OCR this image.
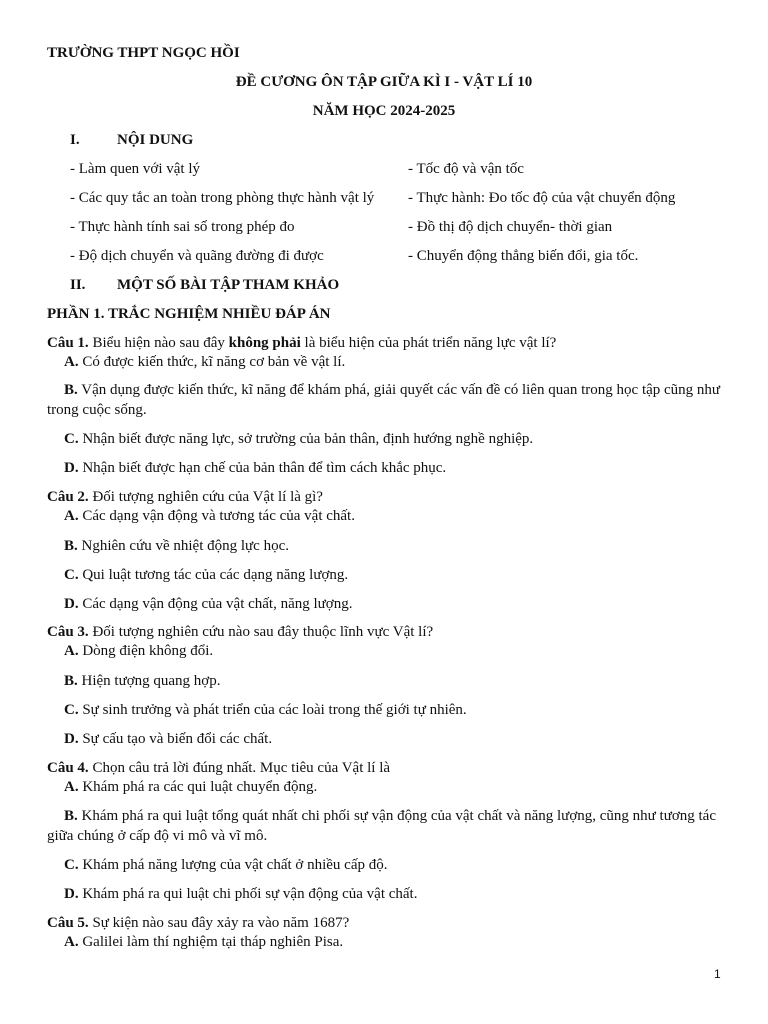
TRƯỜNG THPT NGỌC HỒI
ĐỀ CƯƠNG ÔN TẬP GIỮA KÌ I - VẬT LÍ 10
NĂM HỌC 2024-2025
I. NỘI DUNG
- Làm quen với vật lý
- Các quy tắc an toàn trong phòng thực hành vật lý
- Thực hành tính sai số trong phép đo
- Độ dịch chuyển và quãng đường đi được
- Tốc độ và vận tốc
- Thực hành: Đo tốc độ của vật chuyển động
- Đồ thị độ dịch chuyển- thời gian
- Chuyển động thẳng biến đổi, gia tốc.
II. MỘT SỐ BÀI TẬP THAM KHẢO
PHẦN 1. TRẮC NGHIỆM NHIỀU ĐÁP ÁN
Câu 1. Biểu hiện nào sau đây không phải là biểu hiện của phát triển năng lực vật lí?
A. Có được kiến thức, kĩ năng cơ bản về vật lí.
B. Vận dụng được kiến thức, kĩ năng để khám phá, giải quyết các vấn đề có liên quan trong học tập cũng như trong cuộc sống.
C. Nhận biết được năng lực, sở trường của bản thân, định hướng nghề nghiệp.
D. Nhận biết được hạn chế của bản thân để tìm cách khắc phục.
Câu 2. Đối tượng nghiên cứu của Vật lí là gì?
A. Các dạng vận động và tương tác của vật chất.
B. Nghiên cứu về nhiệt động lực học.
C. Qui luật tương tác của các dạng năng lượng.
D. Các dạng vận động của vật chất, năng lượng.
Câu 3. Đối tượng nghiên cứu nào sau đây thuộc lĩnh vực Vật lí?
A. Dòng điện không đổi.
B. Hiện tượng quang hợp.
C. Sự sinh trưởng và phát triển của các loài trong thế giới tự nhiên.
D. Sự cấu tạo và biến đổi các chất.
Câu 4. Chọn câu trả lời đúng nhất. Mục tiêu của Vật lí là
A. Khám phá ra các qui luật chuyển động.
B. Khám phá ra qui luật tổng quát nhất chi phối sự vận động của vật chất và năng lượng, cũng như tương tác giữa chúng ở cấp độ vi mô và vĩ mô.
C. Khám phá năng lượng của vật chất ở nhiều cấp độ.
D. Khám phá ra qui luật chi phối sự vận động của vật chất.
Câu 5. Sự kiện nào sau đây xảy ra vào năm 1687?
A. Galilei làm thí nghiệm tại tháp nghiên Pisa.
1
